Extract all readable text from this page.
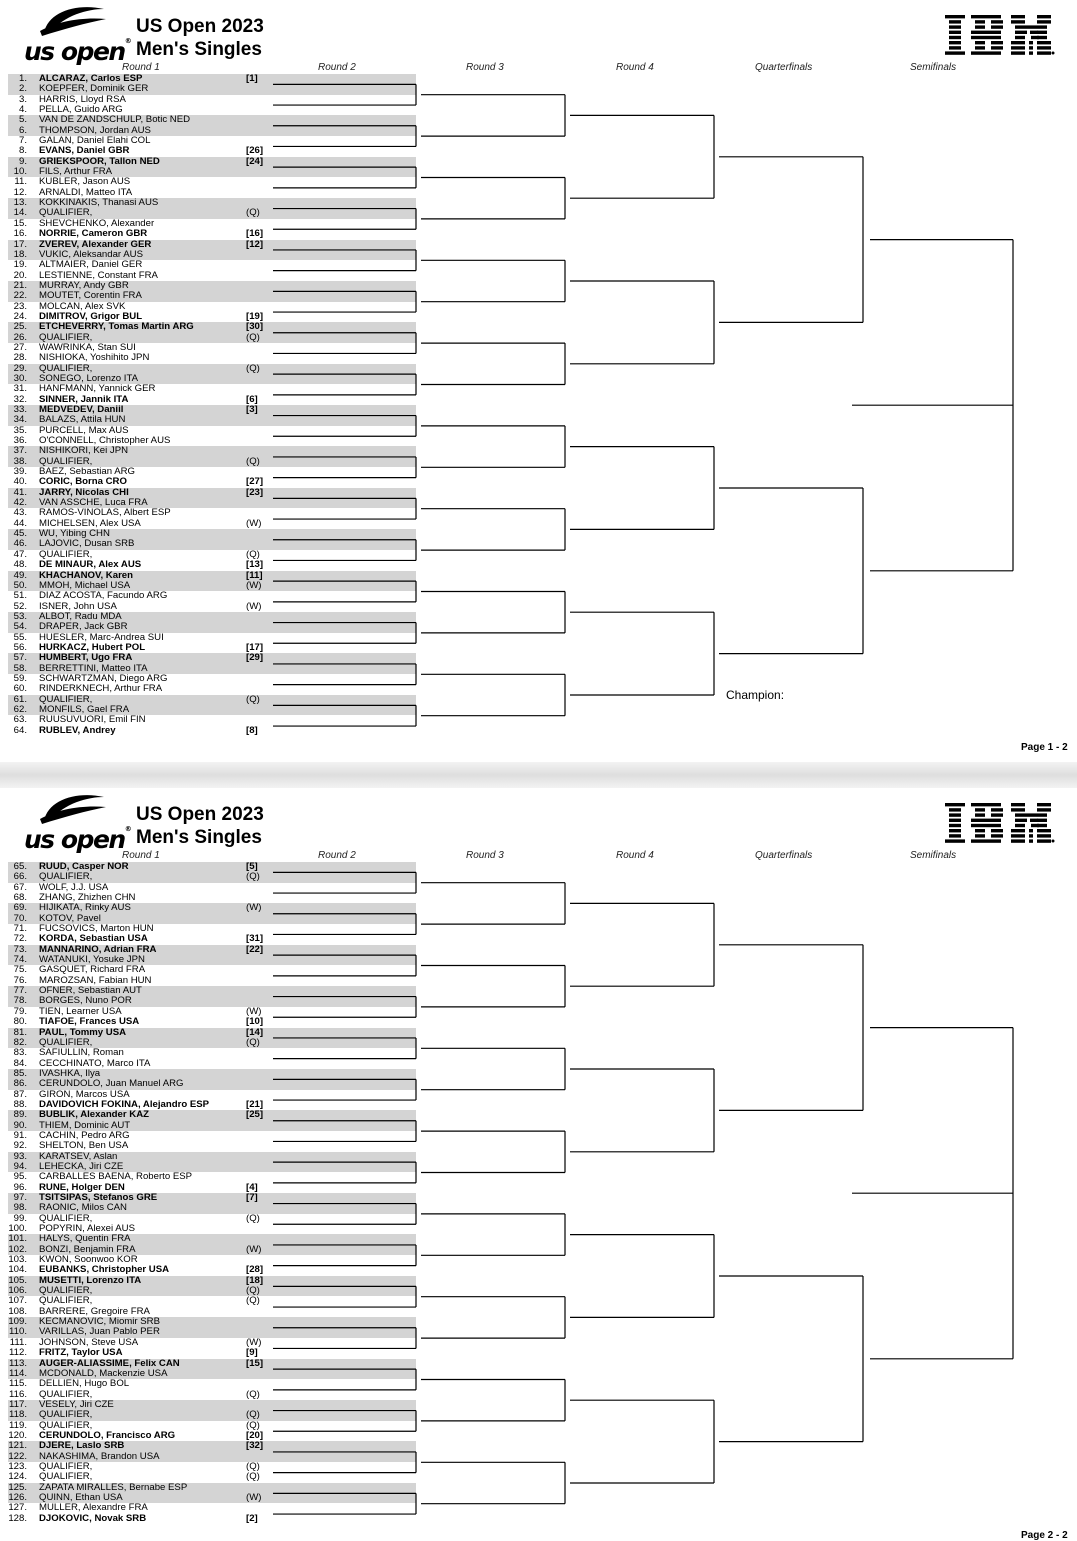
us open®
US Open 2023
Men's Singles
Round 1	Round 2	Round 3	Round 4	Quarterfinals	Semifinals
1. ALCARAZ, Carlos ESP	[1]
2. KOEPFER, Dominik GER
3. HARRIS, Lloyd RSA
4. PELLA, Guido ARG
5. VAN DE ZANDSCHULP, Botic NED
6. THOMPSON, Jordan AUS
7. GALAN, Daniel Elahi COL
8. EVANS, Daniel GBR	[26]
9. GRIEKSPOOR, Tallon NED	[24]
10. FILS, Arthur FRA
11. KUBLER, Jason AUS
12. ARNALDI, Matteo ITA
13. KOKKINAKIS, Thanasi AUS
14. QUALIFIER,	(Q)
15. SHEVCHENKO, Alexander
16. NORRIE, Cameron GBR	[16]
17. ZVEREV, Alexander GER	[12]
18. VUKIC, Aleksandar AUS
19. ALTMAIER, Daniel GER
20. LESTIENNE, Constant FRA
21. MURRAY, Andy GBR
22. MOUTET, Corentin FRA
23. MOLCAN, Alex SVK
24. DIMITROV, Grigor BUL	[19]
25. ETCHEVERRY, Tomas Martin ARG	[30]
26. QUALIFIER,	(Q)
27. WAWRINKA, Stan SUI
28. NISHIOKA, Yoshihito JPN
29. QUALIFIER,	(Q)
30. SONEGO, Lorenzo ITA
31. HANFMANN, Yannick GER
32. SINNER, Jannik ITA	[6]
33. MEDVEDEV, Daniil	[3]
34. BALAZS, Attila HUN
35. PURCELL, Max AUS
36. O'CONNELL, Christopher AUS
37. NISHIKORI, Kei JPN
38. QUALIFIER,	(Q)
39. BAEZ, Sebastian ARG
40. CORIC, Borna CRO	[27]
41. JARRY, Nicolas CHI	[23]
42. VAN ASSCHE, Luca FRA
43. RAMOS-VINOLAS, Albert ESP
44. MICHELSEN, Alex USA	(W)
45. WU, Yibing CHN
46. LAJOVIC, Dusan SRB
47. QUALIFIER,	(Q)
48. DE MINAUR, Alex AUS	[13]
49. KHACHANOV, Karen	[11]
50. MMOH, Michael USA	(W)
51. DIAZ ACOSTA, Facundo ARG
52. ISNER, John USA	(W)
53. ALBOT, Radu MDA
54. DRAPER, Jack GBR
55. HUESLER, Marc-Andrea SUI
56. HURKACZ, Hubert POL	[17]
57. HUMBERT, Ugo FRA	[29]
58. BERRETTINI, Matteo ITA
59. SCHWARTZMAN, Diego ARG
60. RINDERKNECH, Arthur FRA
61. QUALIFIER,	(Q)
62. MONFILS, Gael FRA
63. RUUSUVUORI, Emil FIN
64. RUBLEV, Andrey	[8]
Champion:
Page 1 - 2
us open®
US Open 2023
Men's Singles
Round 1	Round 2	Round 3	Round 4	Quarterfinals	Semifinals
65. RUUD, Casper NOR	[5]
66. QUALIFIER,	(Q)
67. WOLF, J.J. USA
68. ZHANG, Zhizhen CHN
69. HIJIKATA, Rinky AUS	(W)
70. KOTOV, Pavel
71. FUCSOVICS, Marton HUN
72. KORDA, Sebastian USA	[31]
73. MANNARINO, Adrian FRA	[22]
74. WATANUKI, Yosuke JPN
75. GASQUET, Richard FRA
76. MAROZSAN, Fabian HUN
77. OFNER, Sebastian AUT
78. BORGES, Nuno POR
79. TIEN, Learner USA	(W)
80. TIAFOE, Frances USA	[10]
81. PAUL, Tommy USA	[14]
82. QUALIFIER,	(Q)
83. SAFIULLIN, Roman
84. CECCHINATO, Marco ITA
85. IVASHKA, Ilya
86. CERUNDOLO, Juan Manuel ARG
87. GIRON, Marcos USA
88. DAVIDOVICH FOKINA, Alejandro ESP	[21]
89. BUBLIK, Alexander KAZ	[25]
90. THIEM, Dominic AUT
91. CACHIN, Pedro ARG
92. SHELTON, Ben USA
93. KARATSEV, Aslan
94. LEHECKA, Jiri CZE
95. CARBALLES BAENA, Roberto ESP
96. RUNE, Holger DEN	[4]
97. TSITSIPAS, Stefanos GRE	[7]
98. RAONIC, Milos CAN
99. QUALIFIER,	(Q)
100. POPYRIN, Alexei AUS
101. HALYS, Quentin FRA
102. BONZI, Benjamin FRA	(W)
103. KWON, Soonwoo KOR
104. EUBANKS, Christopher USA	[28]
105. MUSETTI, Lorenzo ITA	[18]
106. QUALIFIER,	(Q)
107. QUALIFIER,	(Q)
108. BARRERE, Gregoire FRA
109. KECMANOVIC, Miomir SRB
110. VARILLAS, Juan Pablo PER
111. JOHNSON, Steve USA	(W)
112. FRITZ, Taylor USA	[9]
113. AUGER-ALIASSIME, Felix CAN	[15]
114. MCDONALD, Mackenzie USA
115. DELLIEN, Hugo BOL
116. QUALIFIER,	(Q)
117. VESELY, Jiri CZE
118. QUALIFIER,	(Q)
119. QUALIFIER,	(Q)
120. CERUNDOLO, Francisco ARG	[20]
121. DJERE, Laslo SRB	[32]
122. NAKASHIMA, Brandon USA
123. QUALIFIER,	(Q)
124. QUALIFIER,	(Q)
125. ZAPATA MIRALLES, Bernabe ESP
126. QUINN, Ethan USA	(W)
127. MULLER, Alexandre FRA
128. DJOKOVIC, Novak SRB	[2]
Page 2 - 2
